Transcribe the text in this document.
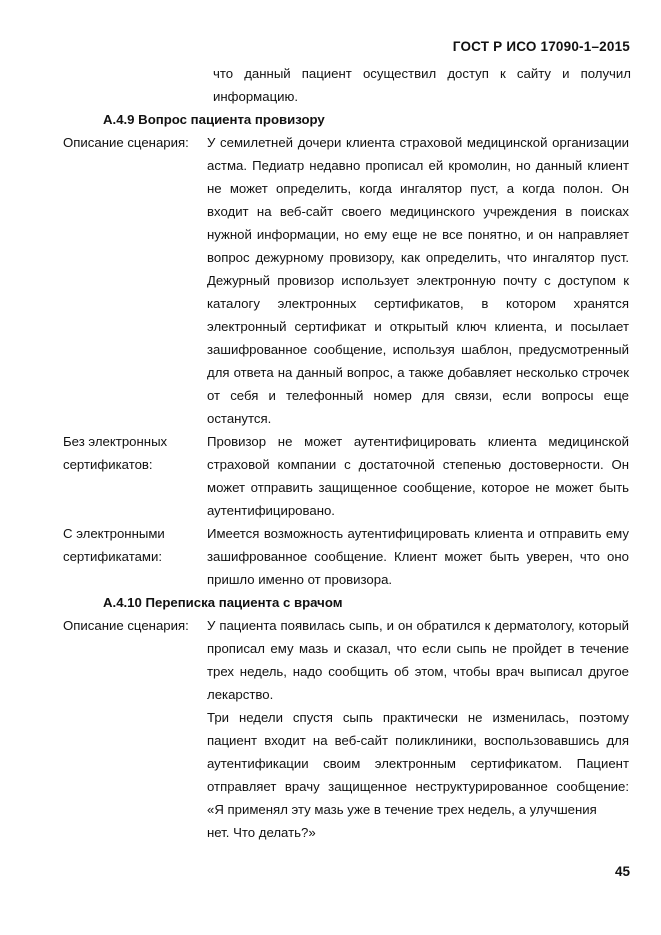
ГОСТ Р ИСО 17090-1–2015

что данный пациент осуществил доступ к сайту и получил информацию.

А.4.9 Вопрос пациента провизору

Описание сценария:	У семилетней дочери клиента страховой медицинской организации астма. Педиатр недавно прописал ей кромолин, но данный клиент не может определить, когда ингалятор пуст, а когда полон. Он входит на веб-сайт своего медицинского учреждения в поисках нужной информации, но ему еще не все понятно, и он направляет вопрос дежурному провизору, как определить, что ингалятор пуст. Дежурный провизор использует электронную почту с доступом к каталогу электронных сертификатов, в котором хранятся электронный сертификат и открытый ключ клиента, и посылает зашифрованное сообщение, используя шаблон, предусмотренный для ответа на данный вопрос, а также добавляет несколько строчек от себя и телефонный номер для связи, если вопросы еще останутся.

Без электронных сертификатов:

Провизор не может аутентифицировать клиента медицинской страховой компании с достаточной степенью достоверности. Он может отправить защищенное сообщение, которое не может быть аутентифицировано.

С электронными сертификатами:

Имеется возможность аутентифицировать клиента и отправить ему зашифрованное сообщение. Клиент может быть уверен, что оно пришло именно от провизора.

А.4.10 Переписка пациента с врачом

Описание сценария:	У пациента появилась сыпь, и он обратился к дерматологу, который прописал ему мазь и сказал, что если сыпь не пройдет в течение трех недель, надо сообщить об этом, чтобы врач выписал другое лекарство.

Три недели спустя сыпь практически не изменилась, поэтому пациент входит на веб-сайт поликлиники, воспользовавшись для аутентификации своим электронным сертификатом. Пациент отправляет врачу защищенное неструктурированное сообщение: «Я применял эту мазь уже в течение трех недель, а улучшения

нет. Что делать?»

45
